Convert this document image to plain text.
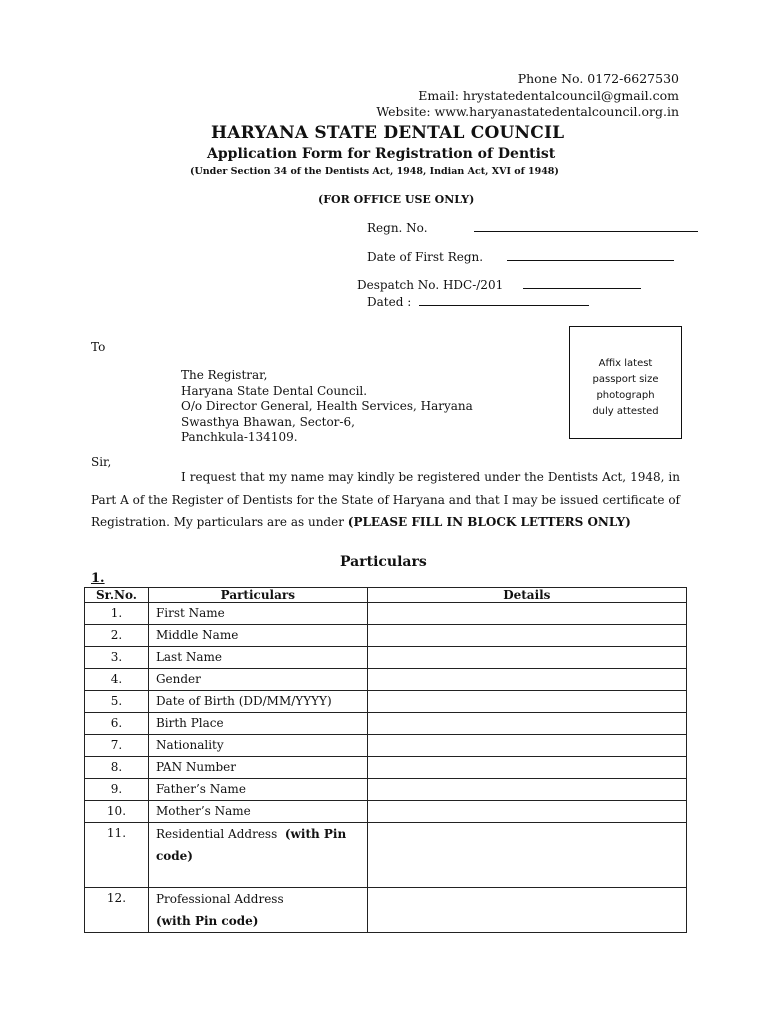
Phone No. 0172-6627530
Email: hrystatedentalcouncil@gmail.com
Website: www.haryanastatedentalcouncil.org.in
HARYANA STATE DENTAL COUNCIL
Application Form for Registration of Dentist
(Under Section 34 of the Dentists Act, 1948, Indian Act, XVI of 1948)
(FOR OFFICE USE ONLY)
Regn. No.
Date of First Regn.
Despatch No. HDC-/201
Dated :
To
The Registrar,
Haryana State Dental Council.
O/o Director General, Health Services, Haryana
Swasthya Bhawan, Sector-6,
Panchkula-134109.
Affix latest
passport size
photograph
duly attested
Sir,
I request that my name may kindly be registered under the Dentists Act, 1948, in Part A of the Register of Dentists for the State of Haryana and that I may be issued certificate of Registration. My particulars are as under (PLEASE FILL IN BLOCK LETTERS ONLY)
Particulars
1.
Sr.No.	Particulars	Details
1.	First Name	
2.	Middle Name	
3.	Last Name	
4.	Gender	
5.	Date of Birth (DD/MM/YYYY)	
6.	Birth Place	
7.	Nationality	
8.	PAN Number	
9.	Father’s Name	
10.	Mother’s Name	
11.	Residential Address (with Pin code)	
12.	Professional Address
(with Pin code)	
